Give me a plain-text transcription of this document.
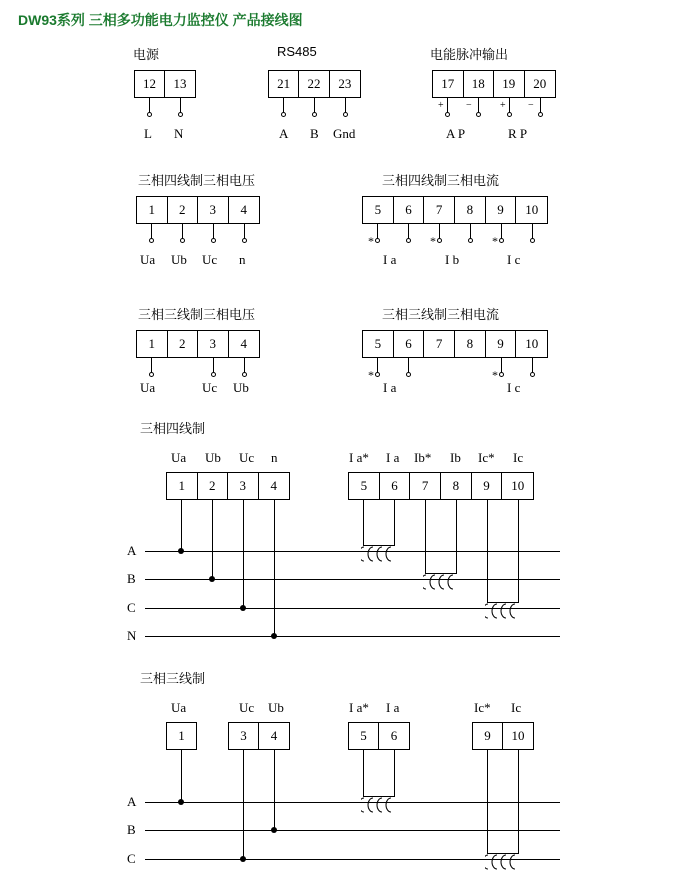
DW93系列 三相多功能电力监控仪 产品接线图
电源
12	13
L N
RS485
21	22	23
A B Gnd
电能脉冲输出
17	18	19	20
+ −	+ −
A P	R P
三相四线制三相电压
1	2	3	4
Ua Ub Uc n
三相四线制三相电流
5	6	7	8	9	10
*	*	*
I a	I b	I c
三相三线制三相电压
1	2	3	4
Ua	Uc Ub
三相三线制三相电流
5	6	7	8	9	10
*	*
I a	I c
三相四线制
Ua Ub Uc n	I a* I a Ib* Ib Ic* Ic
1	2	3	4	5	6	7	8	9	10
A
B
C
N
三相三线制
Ua	Uc Ub	I a* I a	Ic* Ic
1	3	4	5	6	9	10
A
B
C
